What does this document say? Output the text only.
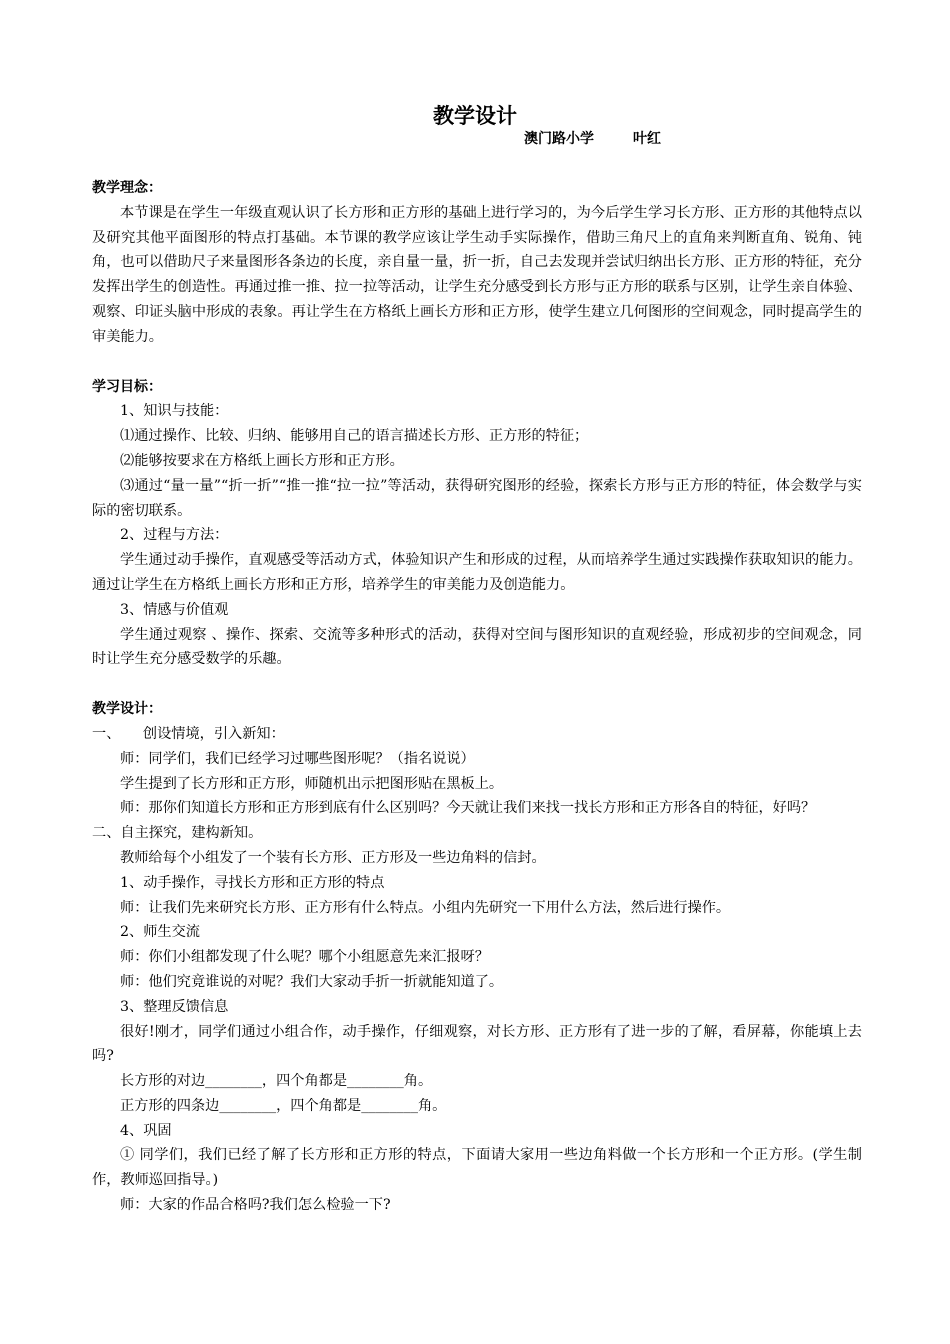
教学设计
澳门路小学        叶红
教学理念：
本节课是在学生一年级直观认识了长方形和正方形的基础上进行学习的，为今后学生学习长方形、正方形的其他特点以及研究其他平面图形的特点打基础。本节课的教学应该让学生动手实际操作，借助三角尺上的直角来判断直角、锐角、钝角，也可以借助尺子来量图形各条边的长度，亲自量一量，折一折，自己去发现并尝试归纳出长方形、正方形的特征，充分发挥出学生的创造性。再通过推一推、拉一拉等活动，让学生充分感受到长方形与正方形的联系与区别，让学生亲自体验、观察、印证头脑中形成的表象。再让学生在方格纸上画长方形和正方形，使学生建立几何图形的空间观念，同时提高学生的审美能力。
学习目标：
1、知识与技能：
⑴通过操作、比较、归纳、能够用自己的语言描述长方形、正方形的特征；
⑵能够按要求在方格纸上画长方形和正方形。
⑶通过“量一量”“折一折”“推一推“拉一拉”等活动，获得研究图形的经验，探索长方形与正方形的特征，体会数学与实际的密切联系。
2、过程与方法：
学生通过动手操作，直观感受等活动方式，体验知识产生和形成的过程，从而培养学生通过实践操作获取知识的能力。通过让学生在方格纸上画长方形和正方形，培养学生的审美能力及创造能力。
3、情感与价值观
学生通过观察 、操作、探索、交流等多种形式的活动，获得对空间与图形知识的直观经验，形成初步的空间观念，同时让学生充分感受数学的乐趣。
教学设计：
一、     创设情境，引入新知：
师：同学们，我们已经学习过哪些图形呢？（指名说说）
学生提到了长方形和正方形，师随机出示把图形贴在黑板上。
师：那你们知道长方形和正方形到底有什么区别吗？今天就让我们来找一找长方形和正方形各自的特征，好吗？
二、自主探究，建构新知。
教师给每个小组发了一个装有长方形、正方形及一些边角料的信封。
1、动手操作，寻找长方形和正方形的特点
师：让我们先来研究长方形、正方形有什么特点。小组内先研究一下用什么方法，然后进行操作。
2、师生交流
师：你们小组都发现了什么呢？哪个小组愿意先来汇报呀？
师：他们究竟谁说的对呢？我们大家动手折一折就能知道了。
3、整理反馈信息
很好!刚才，同学们通过小组合作，动手操作，仔细观察，对长方形、正方形有了进一步的了解，看屏幕，你能填上去吗?
长方形的对边________，四个角都是________角。
正方形的四条边________，四个角都是________角。
4、巩固
① 同学们，我们已经了解了长方形和正方形的特点，下面请大家用一些边角料做一个长方形和一个正方形。(学生制作，教师巡回指导。)
师：大家的作品合格吗?我们怎么检验一下?
